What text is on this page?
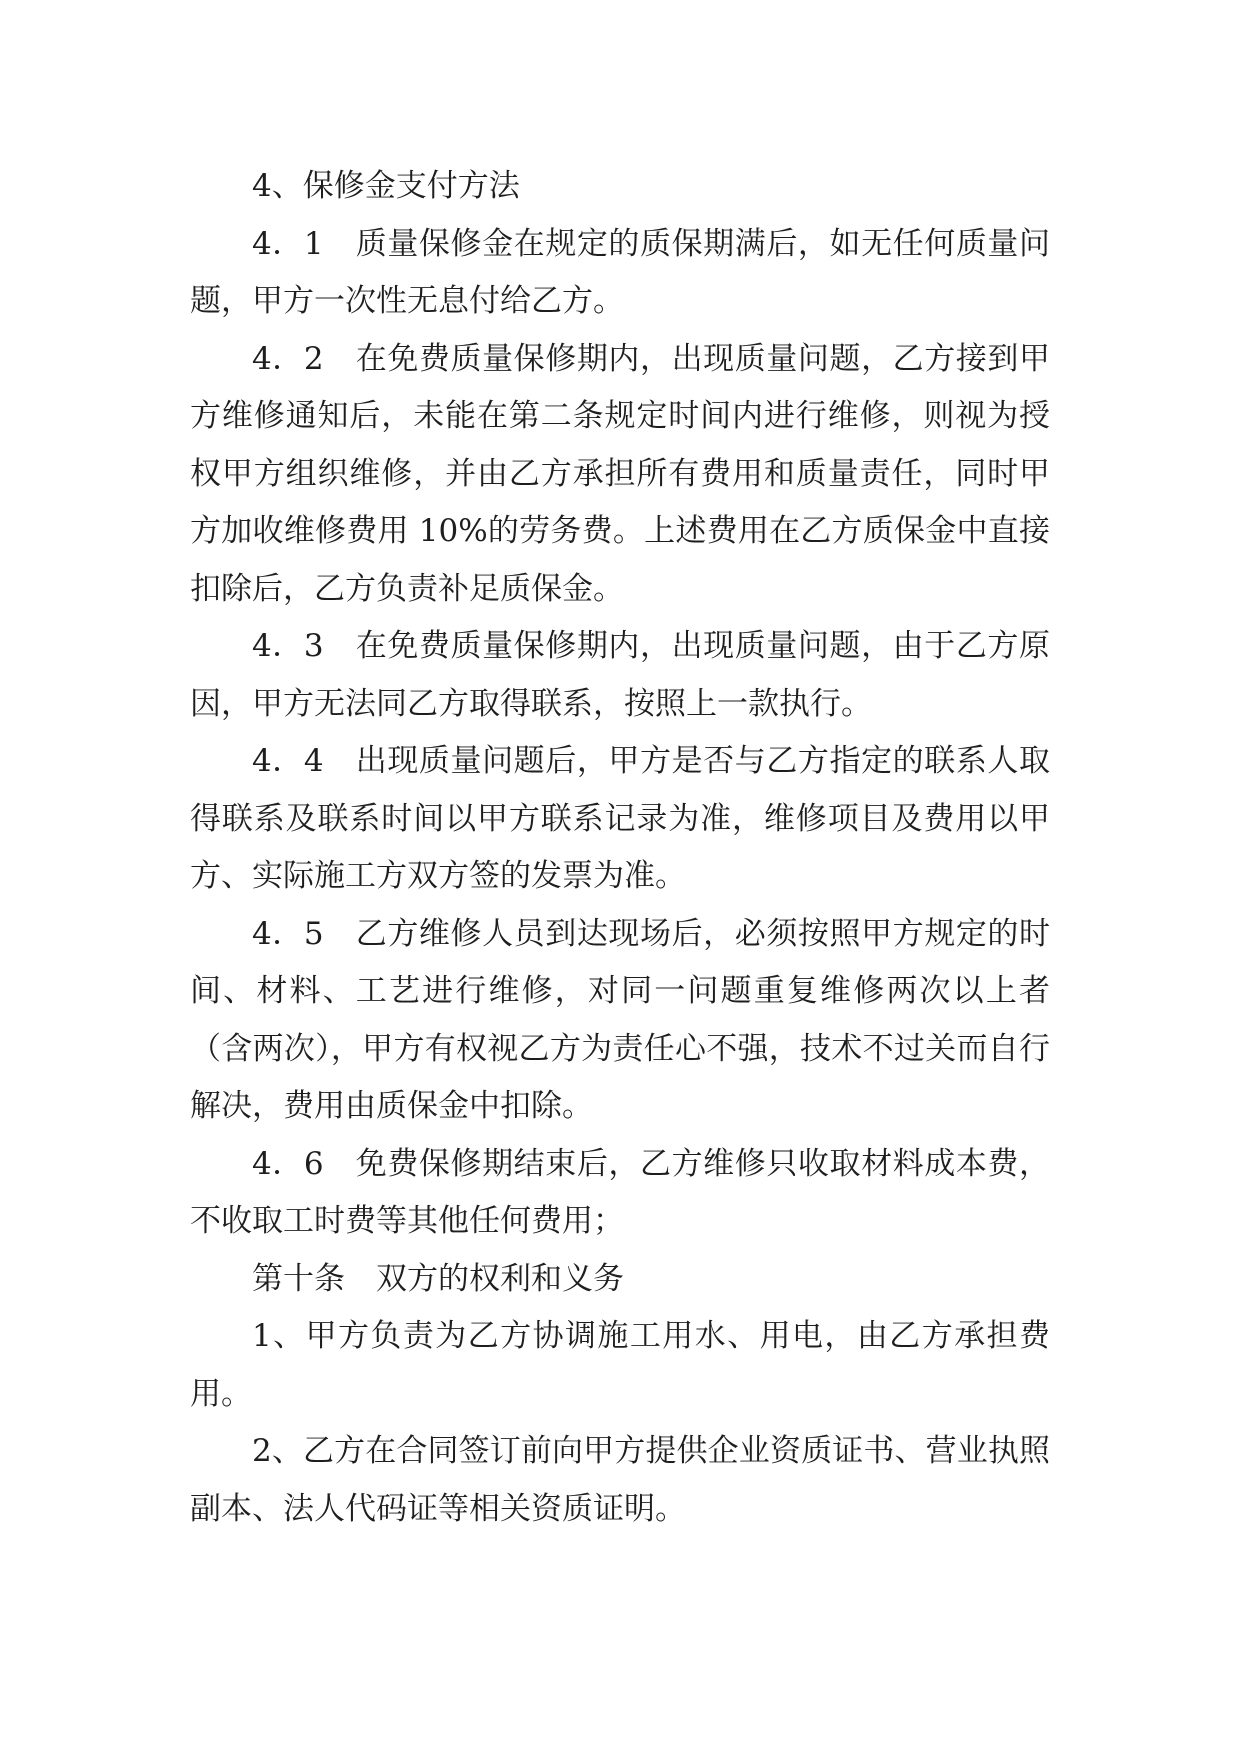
4、保修金支付方法

4．1　质量保修金在规定的质保期满后，如无任何质量问题，甲方一次性无息付给乙方。

4．2　在免费质量保修期内，出现质量问题，乙方接到甲方维修通知后，未能在第二条规定时间内进行维修，则视为授权甲方组织维修，并由乙方承担所有费用和质量责任，同时甲方加收维修费用 10%的劳务费。上述费用在乙方质保金中直接扣除后，乙方负责补足质保金。

4．3　在免费质量保修期内，出现质量问题，由于乙方原因，甲方无法同乙方取得联系，按照上一款执行。

4．4　出现质量问题后，甲方是否与乙方指定的联系人取得联系及联系时间以甲方联系记录为准，维修项目及费用以甲方、实际施工方双方签的发票为准。

4．5　乙方维修人员到达现场后，必须按照甲方规定的时间、材料、工艺进行维修，对同一问题重复维修两次以上者（含两次），甲方有权视乙方为责任心不强，技术不过关而自行解决，费用由质保金中扣除。

4．6　免费保修期结束后，乙方维修只收取材料成本费，不收取工时费等其他任何费用；

第十条　双方的权利和义务

1、甲方负责为乙方协调施工用水、用电，由乙方承担费用。

2、乙方在合同签订前向甲方提供企业资质证书、营业执照副本、法人代码证等相关资质证明。
